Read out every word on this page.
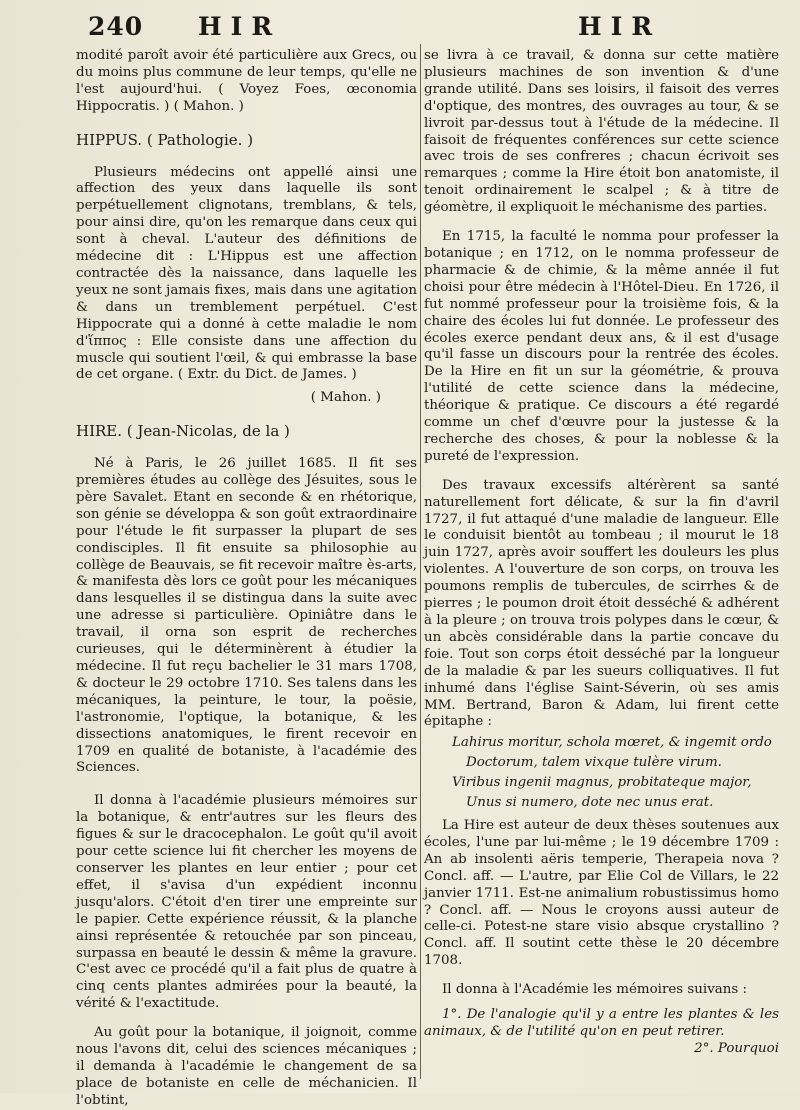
240 HIR	HIR

modité paroît avoir été particulière aux Grecs, ou du moins plus commune de leur temps, qu'elle ne l'est aujourd'hui. ( Voyez Foes, œconomia Hippocratis. ) ( Mahon. )

HIPPUS. ( Pathologie. )

Plusieurs médecins ont appellé ainsi une affection des yeux dans laquelle ils sont perpétuellement clignotans, tremblans, & tels, pour ainsi dire, qu'on les remarque dans ceux qui sont à cheval. L'auteur des définitions de médecine dit : L'Hippus est une affection contractée dès la naissance, dans laquelle les yeux ne sont jamais fixes, mais dans une agitation & dans un tremblement perpétuel. C'est Hippocrate qui a donné à cette maladie le nom d'ἵππος : Elle consiste dans une affection du muscle qui soutient l'œil, & qui embrasse la base de cet organe. ( Extr. du Dict. de James. )

( Mahon. )

HIRE. ( Jean-Nicolas, de la )

Né à Paris, le 26 juillet 1685. Il fit ses premières études au collège des Jésuites, sous le père Savalet. Etant en seconde & en rhétorique, son génie se développa & son goût extraordinaire pour l'étude le fit surpasser la plupart de ses condisciples. Il fit ensuite sa philosophie au collège de Beauvais, se fit recevoir maître ès-arts, & manifesta dès lors ce goût pour les mécaniques dans lesquelles il se distingua dans la suite avec une adresse si particulière. Opiniâtre dans le travail, il orna son esprit de recherches curieuses, qui le déterminèrent à étudier la médecine. Il fut reçu bachelier le 31 mars 1708, & docteur le 29 octobre 1710. Ses talens dans les mécaniques, la peinture, le tour, la poësie, l'astronomie, l'optique, la botanique, & les dissections anatomiques, le firent recevoir en 1709 en qualité de botaniste, à l'académie des Sciences.

Il donna à l'académie plusieurs mémoires sur la botanique, & entr'autres sur les fleurs des figues & sur le dracocephalon. Le goût qu'il avoit pour cette science lui fit chercher les moyens de conserver les plantes en leur entier ; pour cet effet, il s'avisa d'un expédient inconnu jusqu'alors. C'étoit d'en tirer une empreinte sur le papier. Cette expérience réussit, & la planche ainsi représentée & retouchée par son pinceau, surpassa en beauté le dessin & même la gravure. C'est avec ce procédé qu'il a fait plus de quatre à cinq cents plantes admirées pour la beauté, la vérité & l'exactitude.

Au goût pour la botanique, il joignoit, comme nous l'avons dit, celui des sciences mécaniques ; il demanda à l'académie le changement de sa place de botaniste en celle de méchanicien. Il l'obtint,

se livra à ce travail, & donna sur cette matière plusieurs machines de son invention & d'une grande utilité. Dans ses loisirs, il faisoit des verres d'optique, des montres, des ouvrages au tour, & se livroit par-dessus tout à l'étude de la médecine. Il faisoit de fréquentes conférences sur cette science avec trois de ses confreres ; chacun écrivoit ses remarques ; comme la Hire étoit bon anatomiste, il tenoit ordinairement le scalpel ; & à titre de géomètre, il expliquoit le méchanisme des parties.

En 1715, la faculté le nomma pour professer la botanique ; en 1712, on le nomma professeur de pharmacie & de chimie, & la même année il fut choisi pour être médecin à l'Hôtel-Dieu. En 1726, il fut nommé professeur pour la troisième fois, & la chaire des écoles lui fut donnée. Le professeur des écoles exerce pendant deux ans, & il est d'usage qu'il fasse un discours pour la rentrée des écoles. De la Hire en fit un sur la géométrie, & prouva l'utilité de cette science dans la médecine, théorique & pratique. Ce discours a été regardé comme un chef d'œuvre pour la justesse & la recherche des choses, & pour la noblesse & la pureté de l'expression.

Des travaux excessifs altérèrent sa santé naturellement fort délicate, & sur la fin d'avril 1727, il fut attaqué d'une maladie de langueur. Elle le conduisit bientôt au tombeau ; il mourut le 18 juin 1727, après avoir souffert les douleurs les plus violentes. A l'ouverture de son corps, on trouva les poumons remplis de tubercules, de scirrhes & de pierres ; le poumon droit étoit desséché & adhérent à la pleure ; on trouva trois polypes dans le cœur, & un abcès considérable dans la partie concave du foie. Tout son corps étoit desséché par la longueur de la maladie & par les sueurs colliquatives. Il fut inhumé dans l'église Saint-Séverin, où ses amis MM. Bertrand, Baron & Adam, lui firent cette épitaphe :

Lahirus moritur, schola mœret, & ingemit ordo

Doctorum, talem vixque tulère virum.

Viribus ingenii magnus, probitateque major,

Unus si numero, dote nec unus erat.

La Hire est auteur de deux thèses soutenues aux écoles, l'une par lui-même ; le 19 décembre 1709 : An ab insolenti aëris temperie, Therapeia nova ? Concl. aff. — L'autre, par Elie Col de Villars, le 22 janvier 1711. Est-ne animalium robustissimus homo ? Concl. aff. — Nous le croyons aussi auteur de celle-ci. Potest-ne stare visio absque crystallino ? Concl. aff. Il soutint cette thèse le 20 décembre 1708.

Il donna à l'Académie les mémoires suivans :

1°. De l'analogie qu'il y a entre les plantes & les animaux, & de l'utilité qu'on en peut retirer.

2°. Pourquoi
